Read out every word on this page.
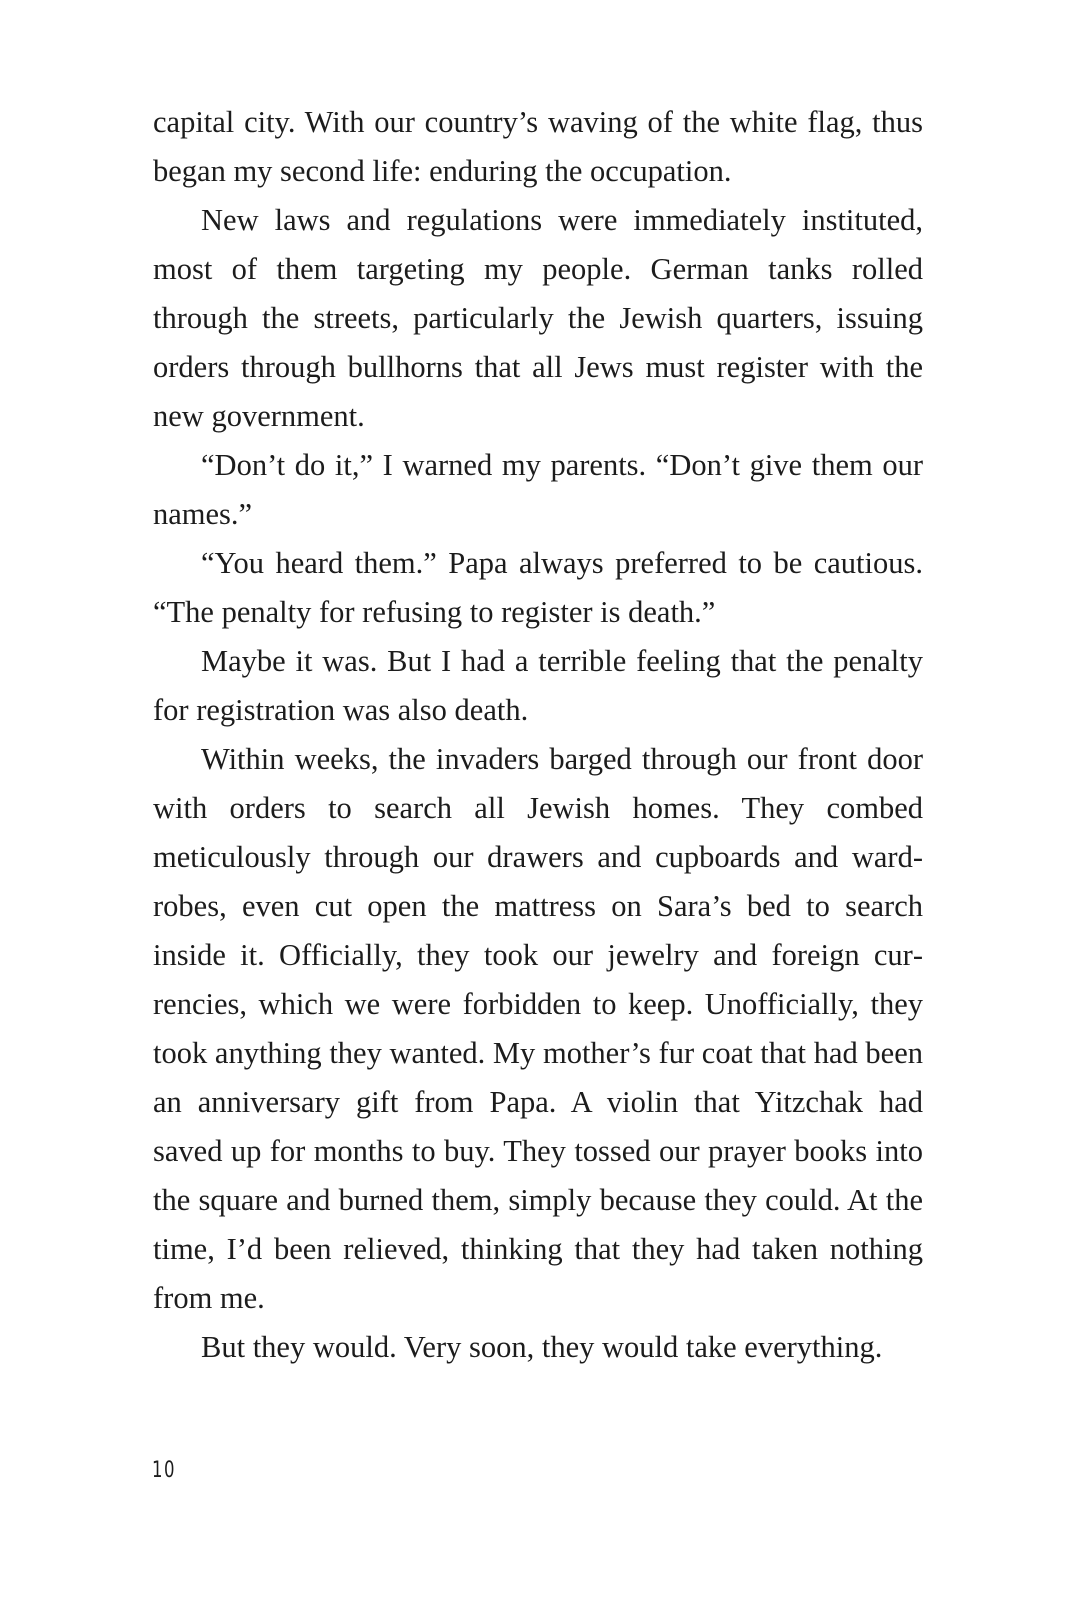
capital city. With our country’s waving of the white flag, thus began my second life: enduring the occupation.

New laws and regulations were immediately instituted, most of them targeting my people. German tanks rolled through the streets, particularly the Jewish quarters, issuing orders through bullhorns that all Jews must register with the new government.

“Don’t do it,” I warned my parents. “Don’t give them our names.”

“You heard them.” Papa always preferred to be cautious. “The penalty for refusing to register is death.”

Maybe it was. But I had a terrible feeling that the penalty for registration was also death.

Within weeks, the invaders barged through our front door with orders to search all Jewish homes. They combed meticulously through our drawers and cupboards and wardrobes, even cut open the mattress on Sara’s bed to search inside it. Officially, they took our jewelry and foreign currencies, which we were forbidden to keep. Unofficially, they took anything they wanted. My mother’s fur coat that had been an anniversary gift from Papa. A violin that Yitzchak had saved up for months to buy. They tossed our prayer books into the square and burned them, simply because they could. At the time, I’d been relieved, thinking that they had taken nothing from me.

But they would. Very soon, they would take everything.

10
